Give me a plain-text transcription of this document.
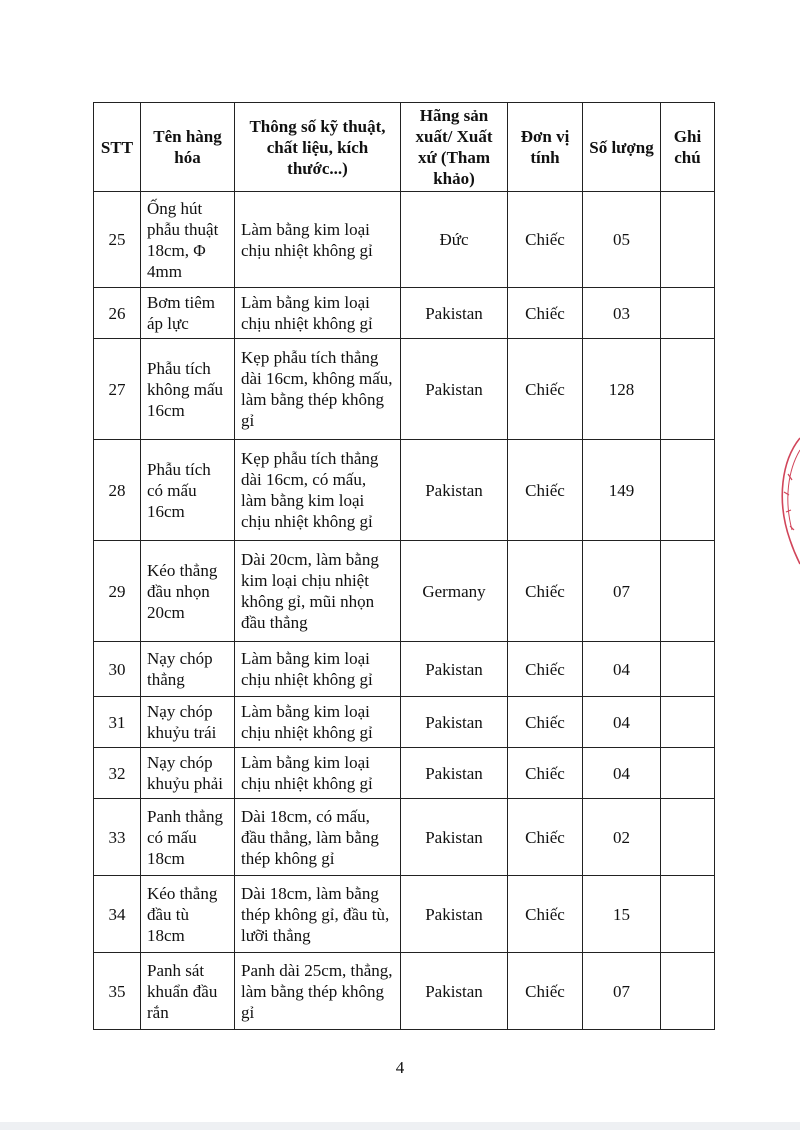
STT	Tên hàng hóa	Thông số kỹ thuật, chất liệu, kích thước...)	Hãng sản xuất/ Xuất xứ (Tham khảo)	Đơn vị tính	Số lượng	Ghi chú
25	Ống hút phẫu thuật 18cm, Φ 4mm	Làm bằng kim loại chịu nhiệt không gỉ	Đức	Chiếc	05	
26	Bơm tiêm áp lực	Làm bằng kim loại chịu nhiệt không gỉ	Pakistan	Chiếc	03	
27	Phẫu tích không mấu 16cm	Kẹp phẫu tích thẳng dài 16cm, không mấu, làm bằng thép không gỉ	Pakistan	Chiếc	128	
28	Phẫu tích có mấu 16cm	Kẹp phẫu tích thẳng dài 16cm, có mấu, làm bằng kim loại chịu nhiệt không gỉ	Pakistan	Chiếc	149	
29	Kéo thẳng đầu nhọn 20cm	Dài 20cm, làm bằng kim loại chịu nhiệt không gỉ, mũi nhọn đầu thẳng	Germany	Chiếc	07	
30	Nạy chóp thẳng	Làm bằng kim loại chịu nhiệt không gỉ	Pakistan	Chiếc	04	
31	Nạy chóp khuỷu trái	Làm bằng kim loại chịu nhiệt không gỉ	Pakistan	Chiếc	04	
32	Nạy chóp khuỷu phải	Làm bằng kim loại chịu nhiệt không gỉ	Pakistan	Chiếc	04	
33	Panh thẳng có mấu 18cm	Dài 18cm, có mấu, đầu thẳng, làm bằng thép không gỉ	Pakistan	Chiếc	02	
34	Kéo thẳng đầu tù 18cm	Dài 18cm, làm bằng thép không gỉ, đầu tù, lưỡi thẳng	Pakistan	Chiếc	15	
35	Panh sát khuẩn đầu rắn	Panh dài 25cm, thẳng, làm bằng thép không gỉ	Pakistan	Chiếc	07	
4
